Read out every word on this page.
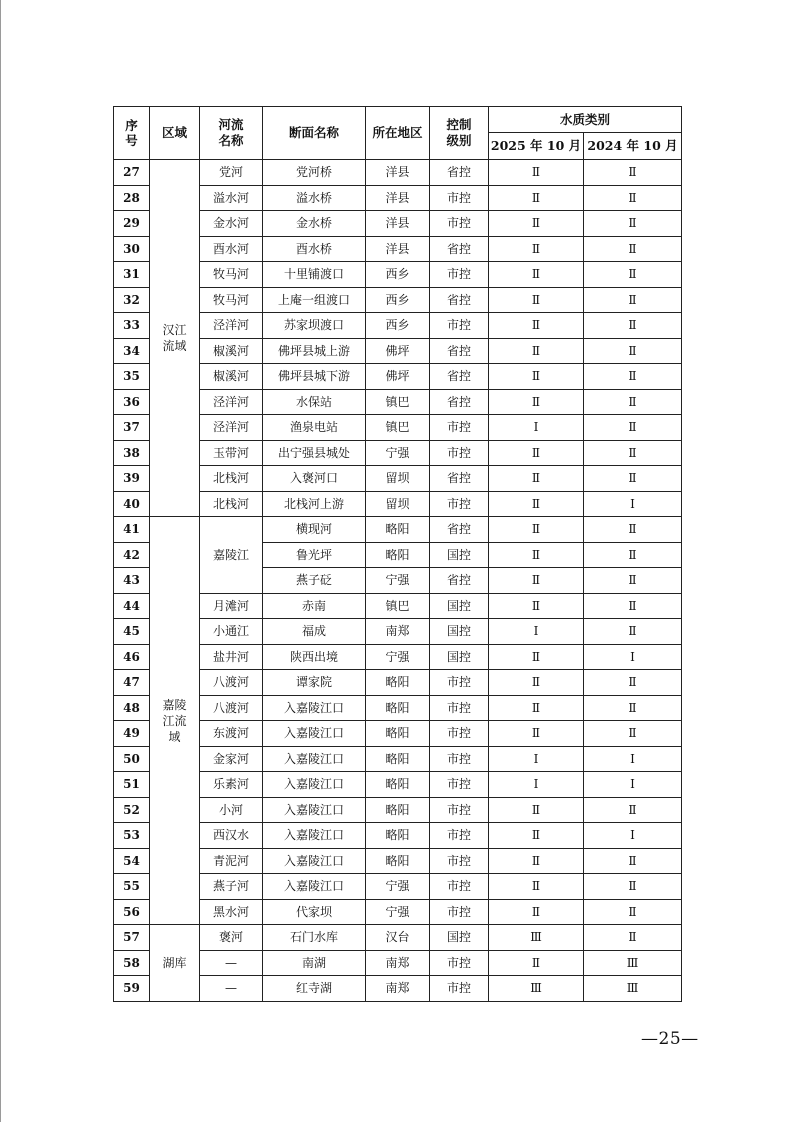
序号	区域	河流名称	断面名称	所在地区	控制级别	水质类别	
						2025 年 10 月	2024 年 10 月
27	汉江流域	党河	党河桥	洋县	省控	Ⅱ	Ⅱ
28		溢水河	溢水桥	洋县	市控	Ⅱ	Ⅱ
29		金水河	金水桥	洋县	市控	Ⅱ	Ⅱ
30		酉水河	酉水桥	洋县	省控	Ⅱ	Ⅱ
31		牧马河	十里铺渡口	西乡	市控	Ⅱ	Ⅱ
32		牧马河	上庵一组渡口	西乡	省控	Ⅱ	Ⅱ
33		泾洋河	苏家坝渡口	西乡	市控	Ⅱ	Ⅱ
34		椒溪河	佛坪县城上游	佛坪	省控	Ⅱ	Ⅱ
35		椒溪河	佛坪县城下游	佛坪	省控	Ⅱ	Ⅱ
36		泾洋河	水保站	镇巴	省控	Ⅱ	Ⅱ
37		泾洋河	渔泉电站	镇巴	市控	Ⅰ	Ⅱ
38		玉带河	出宁强县城处	宁强	市控	Ⅱ	Ⅱ
39		北栈河	入褒河口	留坝	省控	Ⅱ	Ⅱ
40		北栈河	北栈河上游	留坝	市控	Ⅱ	Ⅰ
41	嘉陵江流域	嘉陵江	横现河	略阳	省控	Ⅱ	Ⅱ
42			鲁光坪	略阳	国控	Ⅱ	Ⅱ
43			燕子砭	宁强	省控	Ⅱ	Ⅱ
44		月滩河	赤南	镇巴	国控	Ⅱ	Ⅱ
45		小通江	福成	南郑	国控	Ⅰ	Ⅱ
46		盐井河	陕西出境	宁强	国控	Ⅱ	Ⅰ
47		八渡河	谭家院	略阳	市控	Ⅱ	Ⅱ
48		八渡河	入嘉陵江口	略阳	市控	Ⅱ	Ⅱ
49		东渡河	入嘉陵江口	略阳	市控	Ⅱ	Ⅱ
50		金家河	入嘉陵江口	略阳	市控	Ⅰ	Ⅰ
51		乐素河	入嘉陵江口	略阳	市控	Ⅰ	Ⅰ
52		小河	入嘉陵江口	略阳	市控	Ⅱ	Ⅱ
53		西汉水	入嘉陵江口	略阳	市控	Ⅱ	Ⅰ
54		青泥河	入嘉陵江口	略阳	市控	Ⅱ	Ⅱ
55		燕子河	入嘉陵江口	宁强	市控	Ⅱ	Ⅱ
56		黑水河	代家坝	宁强	市控	Ⅱ	Ⅱ
57	湖库	褒河	石门水库	汉台	国控	Ⅲ	Ⅱ
58		—	南湖	南郑	市控	Ⅱ	Ⅲ
59		—	红寺湖	南郑	市控	Ⅲ	Ⅲ
—25—
